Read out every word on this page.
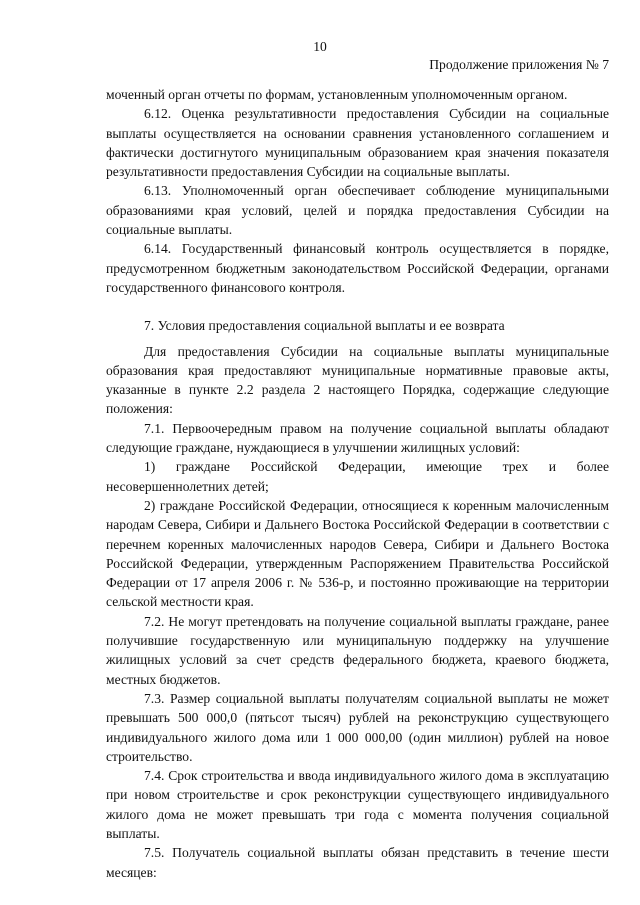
10
Продолжение приложения № 7

моченный орган отчеты по формам, установленным уполномоченным органом.

6.12. Оценка результативности предоставления Субсидии на социальные выплаты осуществляется на основании сравнения установленного соглашением и фактически достигнутого муниципальным образованием края значения показателя результативности предоставления Субсидии на социальные выплаты.

6.13. Уполномоченный орган обеспечивает соблюдение муниципальными образованиями края условий, целей и порядка предоставления Субсидии на социальные выплаты.

6.14. Государственный финансовый контроль осуществляется в порядке, предусмотренном бюджетным законодательством Российской Федерации, органами государственного финансового контроля.

7. Условия предоставления социальной выплаты и ее возврата

Для предоставления Субсидии на социальные выплаты муниципальные образования края предоставляют муниципальные нормативные правовые акты, указанные в пункте 2.2 раздела 2 настоящего Порядка, содержащие следующие положения:

7.1. Первоочередным правом на получение социальной выплаты обладают следующие граждане, нуждающиеся в улучшении жилищных условий:

1) граждане Российской Федерации, имеющие трех и более несовершеннолетних детей;

2) граждане Российской Федерации, относящиеся к коренным малочисленным народам Севера, Сибири и Дальнего Востока Российской Федерации в соответствии с перечнем коренных малочисленных народов Севера, Сибири и Дальнего Востока Российской Федерации, утвержденным Распоряжением Правительства Российской Федерации от 17 апреля 2006 г. № 536-р, и постоянно проживающие на территории сельской местности края.

7.2. Не могут претендовать на получение социальной выплаты граждане, ранее получившие государственную или муниципальную поддержку на улучшение жилищных условий за счет средств федерального бюджета, краевого бюджета, местных бюджетов.

7.3. Размер социальной выплаты получателям социальной выплаты не может превышать 500 000,0 (пятьсот тысяч) рублей на реконструкцию существующего индивидуального жилого дома или 1 000 000,00 (один миллион) рублей на новое строительство.

7.4. Срок строительства и ввода индивидуального жилого дома в эксплуатацию при новом строительстве и срок реконструкции существующего индивидуального жилого дома не может превышать три года с момента получения социальной выплаты.

7.5. Получатель социальной выплаты обязан представить в течение шести месяцев:
